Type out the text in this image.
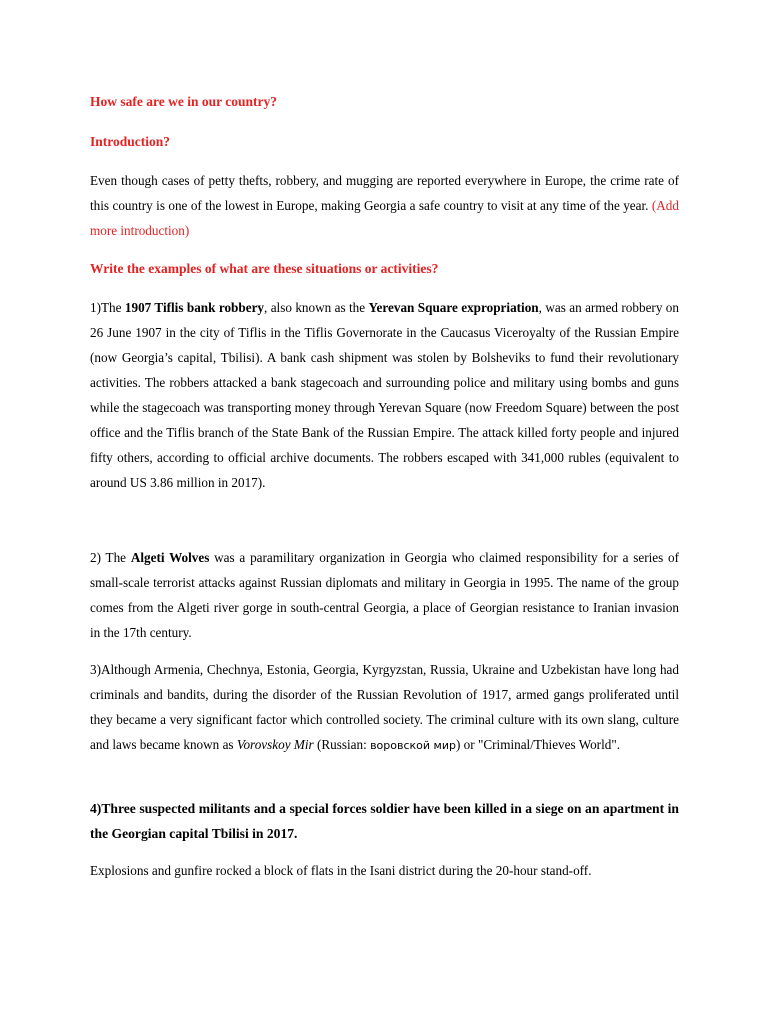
How safe are we in our country?
Introduction?
Even though cases of petty thefts, robbery, and mugging are reported everywhere in Europe, the crime rate of this country is one of the lowest in Europe, making Georgia a safe country to visit at any time of the year. (Add more introduction)
Write the examples of what are these situations or activities?
1)The 1907 Tiflis bank robbery, also known as the Yerevan Square expropriation, was an armed robbery on 26 June 1907 in the city of Tiflis in the Tiflis Governorate in the Caucasus Viceroyalty of the Russian Empire (now Georgia’s capital, Tbilisi). A bank cash shipment was stolen by Bolsheviks to fund their revolutionary activities. The robbers attacked a bank stagecoach and surrounding police and military using bombs and guns while the stagecoach was transporting money through Yerevan Square (now Freedom Square) between the post office and the Tiflis branch of the State Bank of the Russian Empire. The attack killed forty people and injured fifty others, according to official archive documents. The robbers escaped with 341,000 rubles (equivalent to around US 3.86 million in 2017).
2) The Algeti Wolves was a paramilitary organization in Georgia who claimed responsibility for a series of small-scale terrorist attacks against Russian diplomats and military in Georgia in 1995. The name of the group comes from the Algeti river gorge in south-central Georgia, a place of Georgian resistance to Iranian invasion in the 17th century.
3)Although Armenia, Chechnya, Estonia, Georgia, Kyrgyzstan, Russia, Ukraine and Uzbekistan have long had criminals and bandits, during the disorder of the Russian Revolution of 1917, armed gangs proliferated until they became a very significant factor which controlled society. The criminal culture with its own slang, culture and laws became known as Vorovskoy Mir (Russian: воровской мир) or "Criminal/Thieves World".
4)Three suspected militants and a special forces soldier have been killed in a siege on an apartment in the Georgian capital Tbilisi in 2017.
Explosions and gunfire rocked a block of flats in the Isani district during the 20-hour stand-off.
